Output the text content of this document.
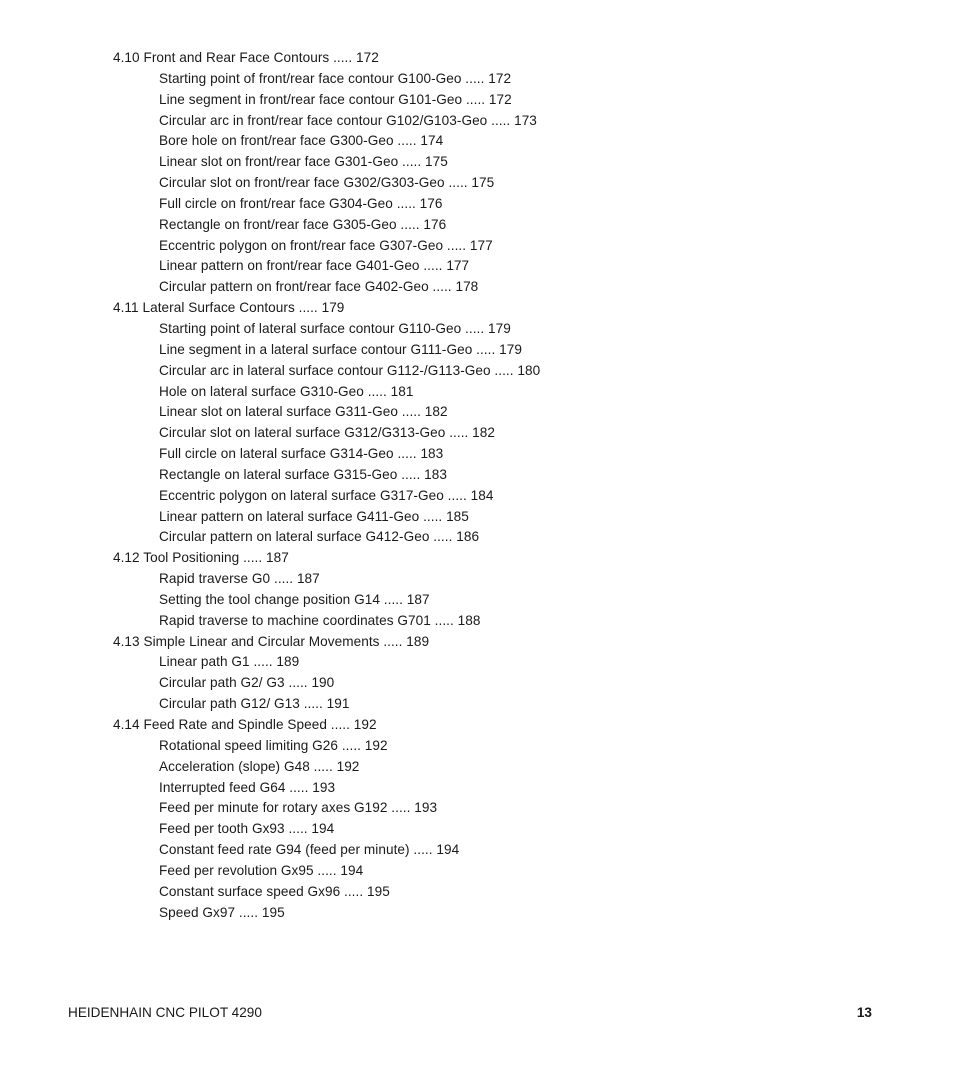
4.10 Front and Rear Face Contours ..... 172
Starting point of front/rear face contour G100-Geo ..... 172
Line segment in front/rear face contour G101-Geo ..... 172
Circular arc in front/rear face contour G102/G103-Geo ..... 173
Bore hole on front/rear face G300-Geo ..... 174
Linear slot on front/rear face G301-Geo ..... 175
Circular slot on front/rear face G302/G303-Geo ..... 175
Full circle on front/rear face G304-Geo ..... 176
Rectangle on front/rear face G305-Geo ..... 176
Eccentric polygon on front/rear face G307-Geo ..... 177
Linear pattern on front/rear face G401-Geo ..... 177
Circular pattern on front/rear face G402-Geo ..... 178
4.11 Lateral Surface Contours ..... 179
Starting point of lateral surface contour G110-Geo ..... 179
Line segment in a lateral surface contour G111-Geo ..... 179
Circular arc in lateral surface contour G112-/G113-Geo ..... 180
Hole on lateral surface G310-Geo ..... 181
Linear slot on lateral surface G311-Geo ..... 182
Circular slot on lateral surface G312/G313-Geo ..... 182
Full circle on lateral surface G314-Geo ..... 183
Rectangle on lateral surface G315-Geo ..... 183
Eccentric polygon on lateral surface G317-Geo ..... 184
Linear pattern on lateral surface G411-Geo ..... 185
Circular pattern on lateral surface G412-Geo ..... 186
4.12 Tool Positioning ..... 187
Rapid traverse G0 ..... 187
Setting the tool change position G14 ..... 187
Rapid traverse to machine coordinates G701 ..... 188
4.13 Simple Linear and Circular Movements ..... 189
Linear path G1 ..... 189
Circular path G2/ G3 ..... 190
Circular path G12/ G13 ..... 191
4.14 Feed Rate and Spindle Speed ..... 192
Rotational speed limiting G26 ..... 192
Acceleration (slope) G48 ..... 192
Interrupted feed G64 ..... 193
Feed per minute for rotary axes G192 ..... 193
Feed per tooth Gx93 ..... 194
Constant feed rate G94 (feed per minute) ..... 194
Feed per revolution Gx95 ..... 194
Constant surface speed Gx96 ..... 195
Speed Gx97 ..... 195
HEIDENHAIN CNC PILOT 4290	13
